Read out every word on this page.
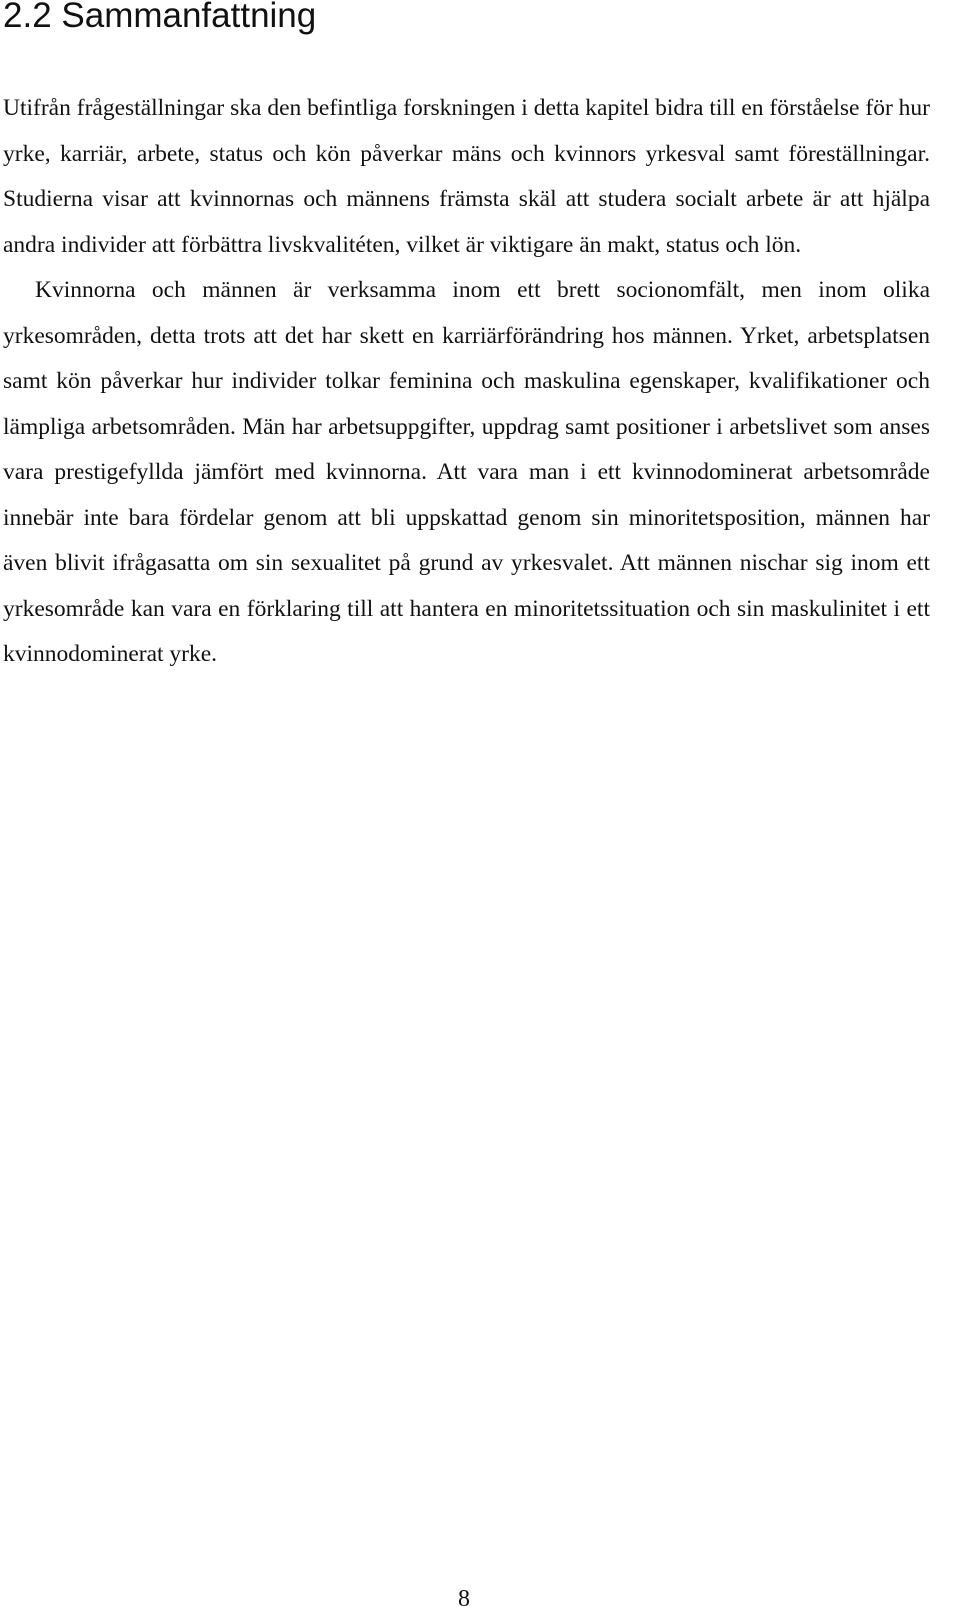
2.2 Sammanfattning

Utifrån frågeställningar ska den befintliga forskningen i detta kapitel bidra till en förståelse för hur yrke, karriär, arbete, status och kön påverkar mäns och kvinnors yrkesval samt föreställningar. Studierna visar att kvinnornas och männens främsta skäl att studera socialt arbete är att hjälpa andra individer att förbättra livskvalitéten, vilket är viktigare än makt, status och lön.

Kvinnorna och männen är verksamma inom ett brett socionomfält, men inom olika yrkesområden, detta trots att det har skett en karriärförändring hos männen. Yrket, arbetsplatsen samt kön påverkar hur individer tolkar feminina och maskulina egenskaper, kvalifikationer och lämpliga arbetsområden. Män har arbetsuppgifter, uppdrag samt positioner i arbetslivet som anses vara prestigefyllda jämfört med kvinnorna. Att vara man i ett kvinnodominerat arbetsområde innebär inte bara fördelar genom att bli uppskattad genom sin minoritetsposition, männen har även blivit ifrågasatta om sin sexualitet på grund av yrkesvalet. Att männen nischar sig inom ett yrkesområde kan vara en förklaring till att hantera en minoritetssituation och sin maskulinitet i ett kvinnodominerat yrke.

8
